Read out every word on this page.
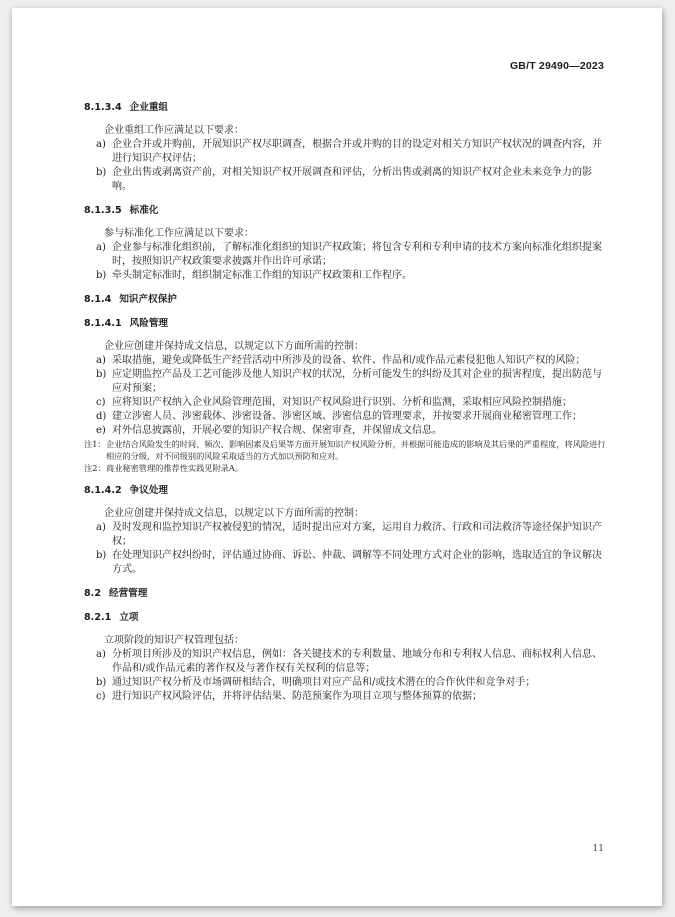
GB/T 29490—2023
8.1.3.4 企业重组

企业重组工作应满足以下要求：

a) 企业合并或并购前，开展知识产权尽职调查，根据合并或并购的目的设定对相关方知识产权状况的调查内容，并进行知识产权评估；
b) 企业出售或剥离资产前，对相关知识产权开展调查和评估，分析出售或剥离的知识产权对企业未来竞争力的影响。
8.1.3.5 标准化

参与标准化工作应满足以下要求：

a) 企业参与标准化组织前，了解标准化组织的知识产权政策；将包含专利和专利申请的技术方案向标准化组织提案时，按照知识产权政策要求披露并作出许可承诺；
b) 牵头制定标准时，组织制定标准工作组的知识产权政策和工作程序。
8.1.4 知识产权保护
8.1.4.1 风险管理

企业应创建并保持成文信息，以规定以下方面所需的控制：

a) 采取措施，避免或降低生产经营活动中所涉及的设备、软件、作品和/或作品元素侵犯他人知识产权的风险；
b) 应定期监控产品及工艺可能涉及他人知识产权的状况，分析可能发生的纠纷及其对企业的损害程度，提出防范与应对预案；
c) 应将知识产权纳入企业风险管理范围，对知识产权风险进行识别、分析和监测，采取相应风险控制措施；
d) 建立涉密人员、涉密载体、涉密设备、涉密区域、涉密信息的管理要求，并按要求开展商业秘密管理工作；
e) 对外信息披露前，开展必要的知识产权合规、保密审查，并保留成文信息。
注1： 企业结合风险发生的时间、频次、影响因素及后果等方面开展知识产权风险分析，并根据可能造成的影响及其后果的严重程度，将风险进行相应的分级，对不同级别的风险采取适当的方式加以预防和应对。
注2： 商业秘密管理的推荐性实践见附录A。
8.1.4.2 争议处理

企业应创建并保持成文信息，以规定以下方面所需的控制：

a) 及时发现和监控知识产权被侵犯的情况，适时提出应对方案，运用自力救济、行政和司法救济等途径保护知识产权；
b) 在处理知识产权纠纷时，评估通过协商、诉讼、仲裁、调解等不同处理方式对企业的影响，选取适宜的争议解决方式。
8.2 经营管理
8.2.1 立项

立项阶段的知识产权管理包括：

a) 分析项目所涉及的知识产权信息，例如：各关键技术的专利数量、地域分布和专利权人信息、商标权利人信息、作品和/或作品元素的著作权及与著作权有关权利的信息等；
b) 通过知识产权分析及市场调研相结合，明确项目对应产品和/或技术潜在的合作伙伴和竞争对手；
c) 进行知识产权风险评估，并将评估结果、防范预案作为项目立项与整体预算的依据；
11
